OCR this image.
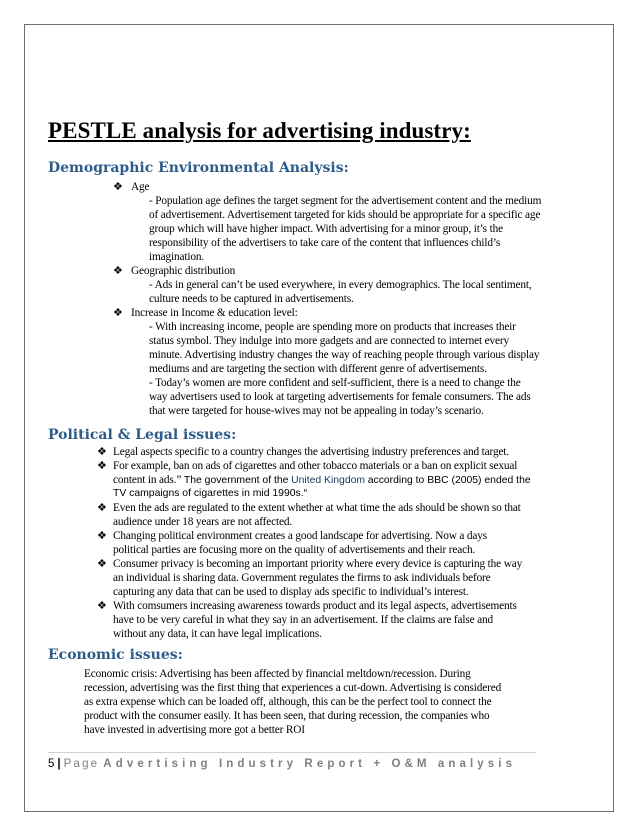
PESTLE analysis for advertising industry:
Demographic Environmental Analysis:
❖ Age
- Population age defines the target segment for the advertisement content and the medium
of advertisement. Advertisement targeted for kids should be appropriate for a specific age
group which will have higher impact. With advertising for a minor group, it’s the
responsibility of the advertisers to take care of the content that influences child’s
imagination.
❖ Geographic distribution
- Ads in general can’t be used everywhere, in every demographics. The local sentiment,
culture needs to be captured in advertisements.
❖ Increase in Income & education level:
- With increasing income, people are spending more on products that increases their
status symbol. They indulge into more gadgets and are connected to internet every
minute. Advertising industry changes the way of reaching people through various display
mediums and are targeting the section with different genre of advertisements.
- Today’s women are more confident and self-sufficient, there is a need to change the
way advertisers used to look at targeting advertisements for female consumers. The ads
that were targeted for house-wives may not be appealing in today’s scenario.
Political & Legal issues:
❖ Legal aspects specific to a country changes the advertising industry preferences and target.
❖ For example, ban on ads of cigarettes and other tobacco materials or a ban on explicit sexual
content in ads.” The government of the United Kingdom according to BBC (2005) ended the
TV campaigns of cigarettes in mid 1990s.“
❖ Even the ads are regulated to the extent whether at what time the ads should be shown so that
audience under 18 years are not affected.
❖ Changing political environment creates a good landscape for advertising. Now a days
political parties are focusing more on the quality of advertisements and their reach.
❖ Consumer privacy is becoming an important priority where every device is capturing the way
an individual is sharing data. Government regulates the firms to ask individuals before
capturing any data that can be used to display ads specific to individual’s interest.
❖ With comsumers increasing awareness towards product and its legal aspects, advertisements
have to be very careful in what they say in an advertisement. If the claims are false and
without any data, it can have legal implications.
Economic issues:
Economic crisis: Advertising has been affected by financial meltdown/recession. During
recession, advertising was the first thing that experiences a cut-down. Advertising is considered
as extra expense which can be loaded off, although, this can be the perfect tool to connect the
product with the consumer easily. It has been seen, that during recession, the companies who
have invested in advertising more got a better ROI
5 | Page Advertising Industry Report + O&M analysis
